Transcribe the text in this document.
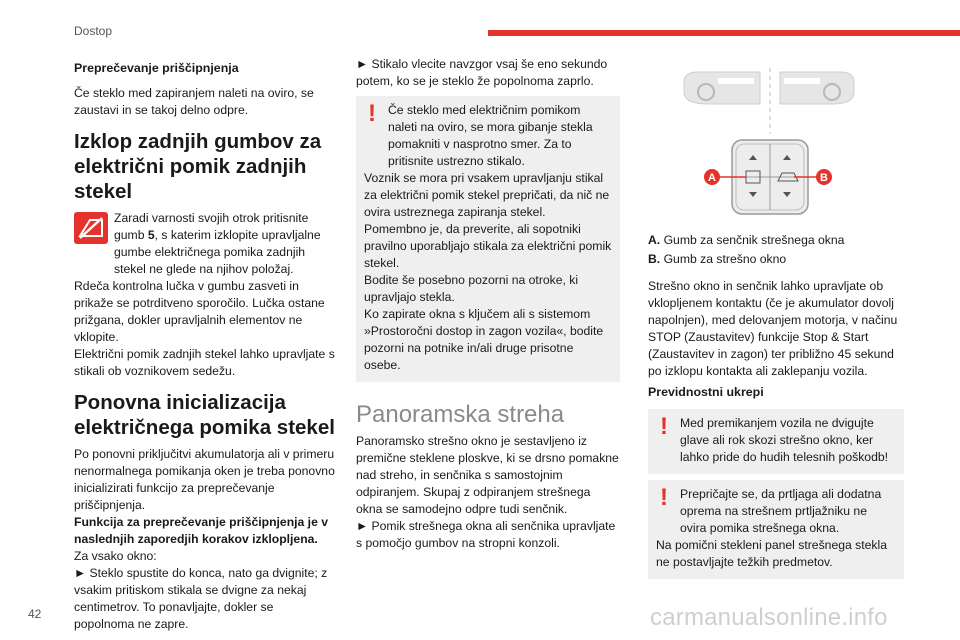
Dostop

Preprečevanje priščipnjenja

Če steklo med zapiranjem naleti na oviro, se zaustavi in se takoj delno odpre.

Izklop zadnjih gumbov za električni pomik zadnjih stekel
Zaradi varnosti svojih otrok pritisnite gumb 5, s katerim izklopite upravljalne gumbe električnega pomika zadnjih stekel ne glede na njihov položaj.

Rdeča kontrolna lučka v gumbu zasveti in prikaže se potrditveno sporočilo. Lučka ostane prižgana, dokler upravljalnih elementov ne vklopite.

Električni pomik zadnjih stekel lahko upravljate s stikali ob voznikovem sedežu.

Ponovna inicializacija električnega pomika stekel

Po ponovni priključitvi akumulatorja ali v primeru nenormalnega pomikanja oken je treba ponovno inicializirati funkcijo za preprečevanje priščipnjenja.

Funkcija za preprečevanje priščipnjenja je v naslednjih zaporedjih korakov izklopljena.

Za vsako okno:

► Steklo spustite do konca, nato ga dvignite; z vsakim pritiskom stikala se dvigne za nekaj centimetrov. To ponavljajte, dokler se popolnoma ne zapre.

► Stikalo vlecite navzgor vsaj še eno sekundo potem, ko se je steklo že popolnoma zaprlo.

! Če steklo med električnim pomikom naleti na oviro, se mora gibanje stekla pomakniti v nasprotno smer. Za to pritisnite ustrezno stikalo.

Voznik se mora pri vsakem upravljanju stikal za električni pomik stekel prepričati, da nič ne ovira ustreznega zapiranja stekel.

Pomembno je, da preverite, ali sopotniki pravilno uporabljajo stikala za električni pomik stekel.

Bodite še posebno pozorni na otroke, ki upravljajo stekla.

Ko zapirate okna s ključem ali s sistemom »Prostoročni dostop in zagon vozila«, bodite pozorni na potnike in/ali druge prisotne osebe.

Panoramska streha

Panoramsko strešno okno je sestavljeno iz premične steklene ploskve, ki se drsno pomakne nad streho, in senčnika s samostojnim odpiranjem. Skupaj z odpiranjem strešnega okna se samodejno odpre tudi senčnik.

► Pomik strešnega okna ali senčnika upravljate s pomočjo gumbov na stropni konzoli.

A	B

A. Gumb za senčnik strešnega okna

B. Gumb za strešno okno

Strešno okno in senčnik lahko upravljate ob vklopljenem kontaktu (če je akumulator dovolj napolnjen), med delovanjem motorja, v načinu STOP (Zaustavitev) funkcije Stop & Start (Zaustavitev in zagon) ter približno 45 sekund po izklopu kontakta ali zaklepanju vozila.

Previdnostni ukrepi

! Med premikanjem vozila ne dvigujte glave ali rok skozi strešno okno, ker lahko pride do hudih telesnih poškodb!

! Prepričajte se, da prtljaga ali dodatna oprema na strešnem prtljažniku ne ovira pomika strešnega okna.

Na pomični stekleni panel strešnega stekla ne postavljajte težkih predmetov.

42	carmanualsonline.info
